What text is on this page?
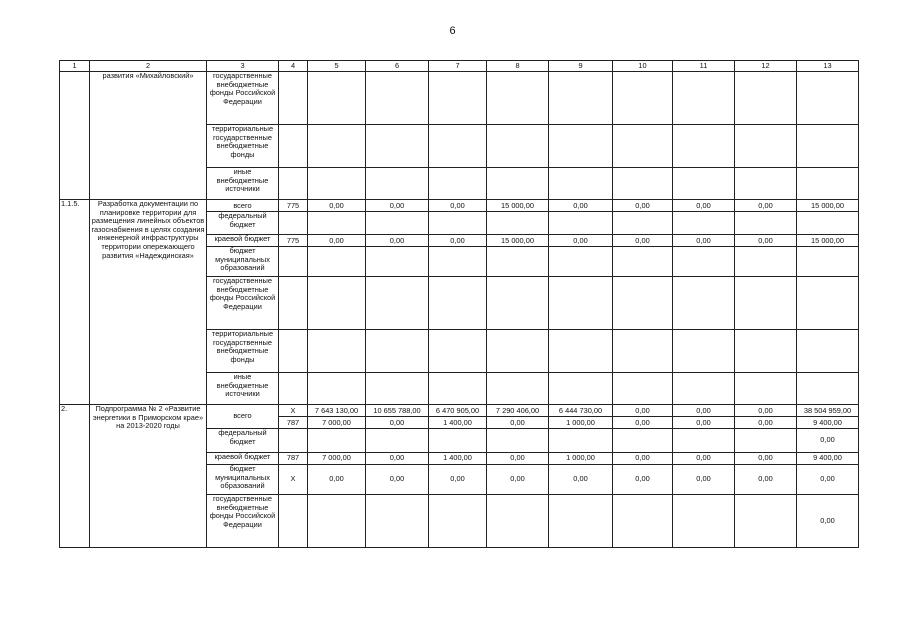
6
1	2	3	4	5	6	7	8	9	10	11	12	13
	развития «Михайловский»	государственные внебюджетные фонды Российской Федерации										
		территориальные государственные внебюджетные фонды										
		иные внебюджетные источники										
1.1.5.	Разработка документации по планировке территории для размещения линейных объектов газоснабжения в целях создания инженерной инфраструктуры территории опережающего развития «Надеждинская»	всего	775	0,00	0,00	0,00	15 000,00	0,00	0,00	0,00	0,00	15 000,00
		федеральный бюджет										
		краевой бюджет	775	0,00	0,00	0,00	15 000,00	0,00	0,00	0,00	0,00	15 000,00
		бюджет муниципальных образований										
		государственные внебюджетные фонды Российской Федерации										
		территориальные государственные внебюджетные фонды										
		иные внебюджетные источники										
2.	Подпрограмма № 2 «Развитие энергетики в Приморском крае» на 2013-2020 годы	всего	X	7 643 130,00	10 655 788,00	6 470 905,00	7 290 406,00	6 444 730,00	0,00	0,00	0,00	38 504 959,00
			787	7 000,00	0,00	1 400,00	0,00	1 000,00	0,00	0,00	0,00	9 400,00
		федеральный бюджет										0,00
		краевой бюджет	787	7 000,00	0,00	1 400,00	0,00	1 000,00	0,00	0,00	0,00	9 400,00
		бюджет муниципальных образований	X	0,00	0,00	0,00	0,00	0,00	0,00	0,00	0,00	0,00
		государственные внебюджетные фонды Российской Федерации										0,00
